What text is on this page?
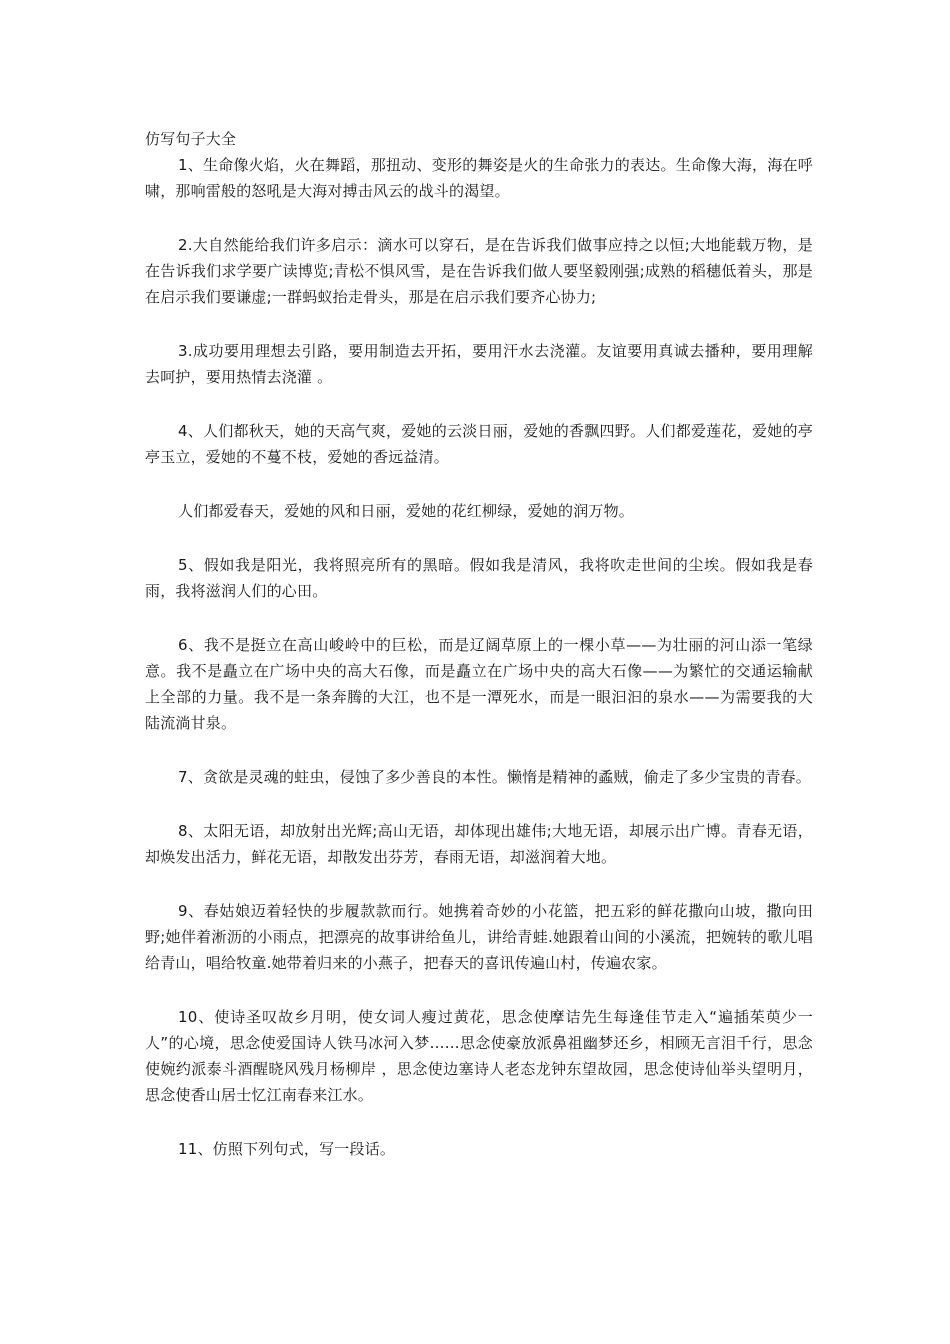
仿写句子大全

1、生命像火焰，火在舞蹈，那扭动、变形的舞姿是火的生命张力的表达。生命像大海，海在呼啸，那响雷般的怒吼是大海对搏击风云的战斗的渴望。

2.大自然能给我们许多启示：滴水可以穿石，是在告诉我们做事应持之以恒;大地能载万物，是在告诉我们求学要广读博览;青松不惧风雪，是在告诉我们做人要坚毅刚强;成熟的稻穗低着头，那是在启示我们要谦虚;一群蚂蚁抬走骨头，那是在启示我们要齐心协力;

3.成功要用理想去引路，要用制造去开拓，要用汗水去浇灌。友谊要用真诚去播种，要用理解去呵护，要用热情去浇灌 。

4、人们都秋天，她的天高气爽，爱她的云淡日丽，爱她的香飘四野。人们都爱莲花，爱她的亭亭玉立，爱她的不蔓不枝，爱她的香远益清。

人们都爱春天，爱她的风和日丽，爱她的花红柳绿，爱她的润万物。

5、假如我是阳光，我将照亮所有的黑暗。假如我是清风，我将吹走世间的尘埃。假如我是春雨，我将滋润人们的心田。

6、我不是挺立在高山峻岭中的巨松，而是辽阔草原上的一棵小草——为壮丽的河山添一笔绿意。我不是矗立在广场中央的高大石像，而是矗立在广场中央的高大石像——为繁忙的交通运输献上全部的力量。我不是一条奔腾的大江，也不是一潭死水，而是一眼汩汩的泉水——为需要我的大陆流淌甘泉。

7、贪欲是灵魂的蛀虫，侵蚀了多少善良的本性。懒惰是精神的蟊贼，偷走了多少宝贵的青春。

8、太阳无语，却放射出光辉;高山无语，却体现出雄伟;大地无语，却展示出广博。青春无语，却焕发出活力，鲜花无语，却散发出芬芳，春雨无语，却滋润着大地。

9、春姑娘迈着轻快的步履款款而行。她携着奇妙的小花篮，把五彩的鲜花撒向山坡，撒向田野;她伴着淅沥的小雨点，把漂亮的故事讲给鱼儿，讲给青蛙.她跟着山间的小溪流，把婉转的歌儿唱给青山，唱给牧童.她带着归来的小燕子，把春天的喜讯传遍山村，传遍农家。

10、使诗圣叹故乡月明，使女词人瘦过黄花，思念使摩诘先生每逢佳节走入“遍插茱萸少一人”的心境，思念使爱国诗人铁马冰河入梦……思念使豪放派鼻祖幽梦还乡，相顾无言泪千行，思念使婉约派泰斗酒醒晓风残月杨柳岸 ，思念使边塞诗人老态龙钟东望故园，思念使诗仙举头望明月，思念使香山居士忆江南春来江水。

11、仿照下列句式，写一段话。
